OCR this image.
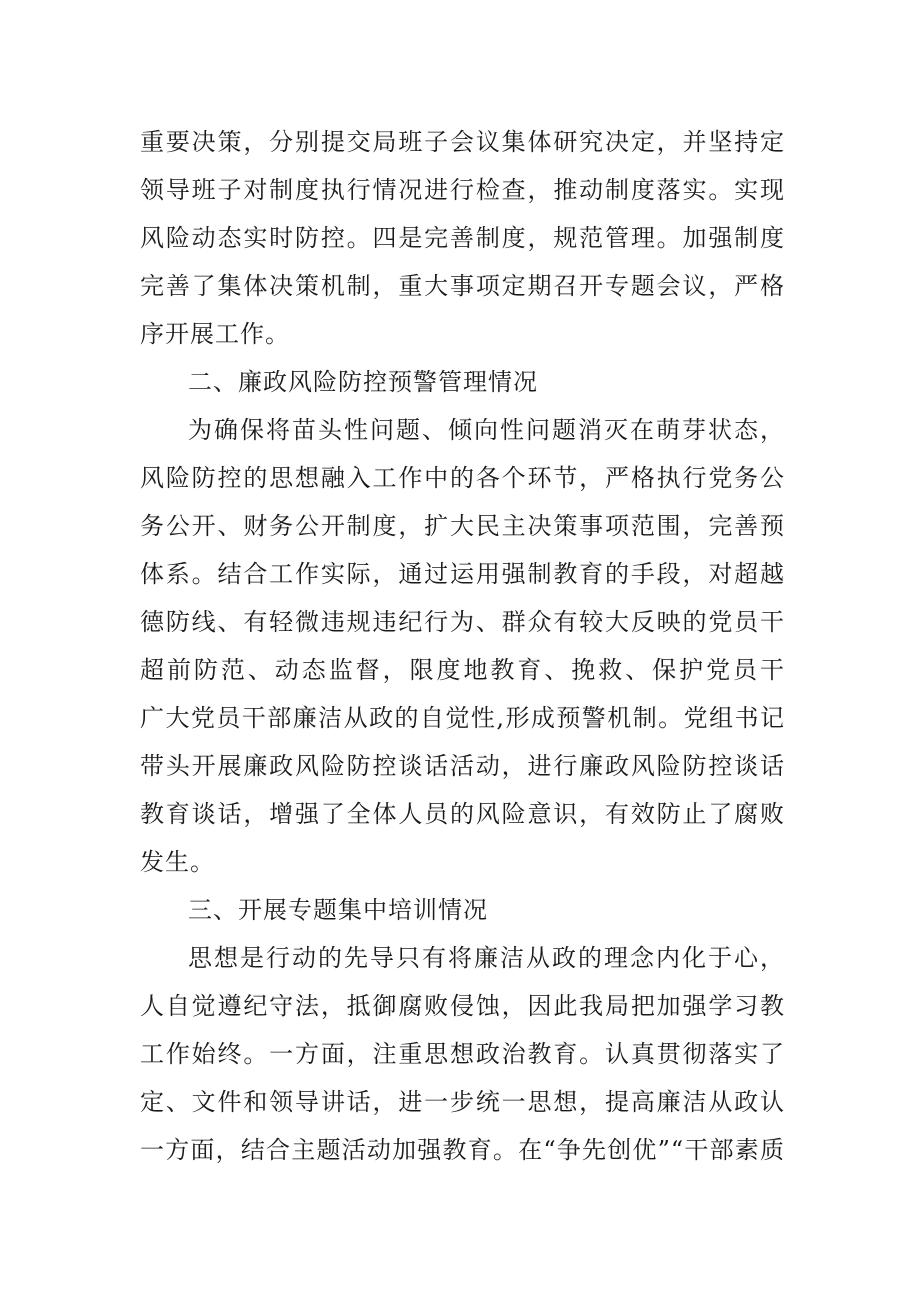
重要决策，分别提交局班子会议集体研究决定，并坚持定
领导班子对制度执行情况进行检查，推动制度落实。实现
风险动态实时防控。四是完善制度，规范管理。加强制度
完善了集体决策机制，重大事项定期召开专题会议，严格
序开展工作。
二、廉政风险防控预警管理情况
为确保将苗头性问题、倾向性问题消灭在萌芽状态，
风险防控的思想融入工作中的各个环节，严格执行党务公
务公开、财务公开制度，扩大民主决策事项范围，完善预
体系。结合工作实际，通过运用强制教育的手段，对超越
德防线、有轻微违规违纪行为、群众有较大反映的党员干
超前防范、动态监督，限度地教育、挽救、保护党员干
广大党员干部廉洁从政的自觉性,形成预警机制。党组书记
带头开展廉政风险防控谈话活动，进行廉政风险防控谈话
教育谈话，增强了全体人员的风险意识，有效防止了腐败
发生。
三、开展专题集中培训情况
思想是行动的先导只有将廉洁从政的理念内化于心，
人自觉遵纪守法，抵御腐败侵蚀，因此我局把加强学习教
工作始终。一方面，注重思想政治教育。认真贯彻落实了
定、文件和领导讲话，进一步统一思想，提高廉洁从政认
一方面，结合主题活动加强教育。在“争先创优”“干部素质
